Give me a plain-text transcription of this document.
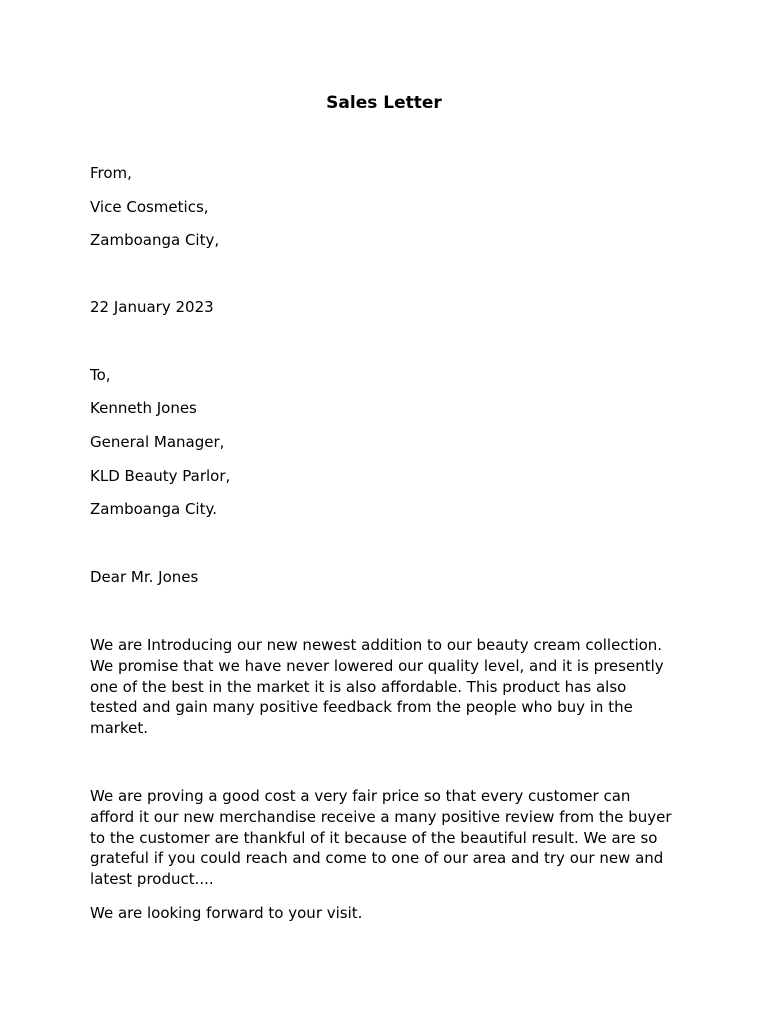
Sales Letter

From,

Vice Cosmetics,

Zamboanga City,

22 January 2023

To,

Kenneth Jones

General Manager,

KLD Beauty Parlor,

Zamboanga City.

Dear Mr. Jones

We are Introducing our new newest addition to our beauty cream collection.
We promise that we have never lowered our quality level, and it is presently
one of the best in the market it is also affordable. This product has also
tested and gain many positive feedback from the people who buy in the
market.
We are proving a good cost a very fair price so that every customer can
afford it our new merchandise receive a many positive review from the buyer
to the customer are thankful of it because of the beautiful result. We are so
grateful if you could reach and come to one of our area and try our new and
latest product....

We are looking forward to your visit.
